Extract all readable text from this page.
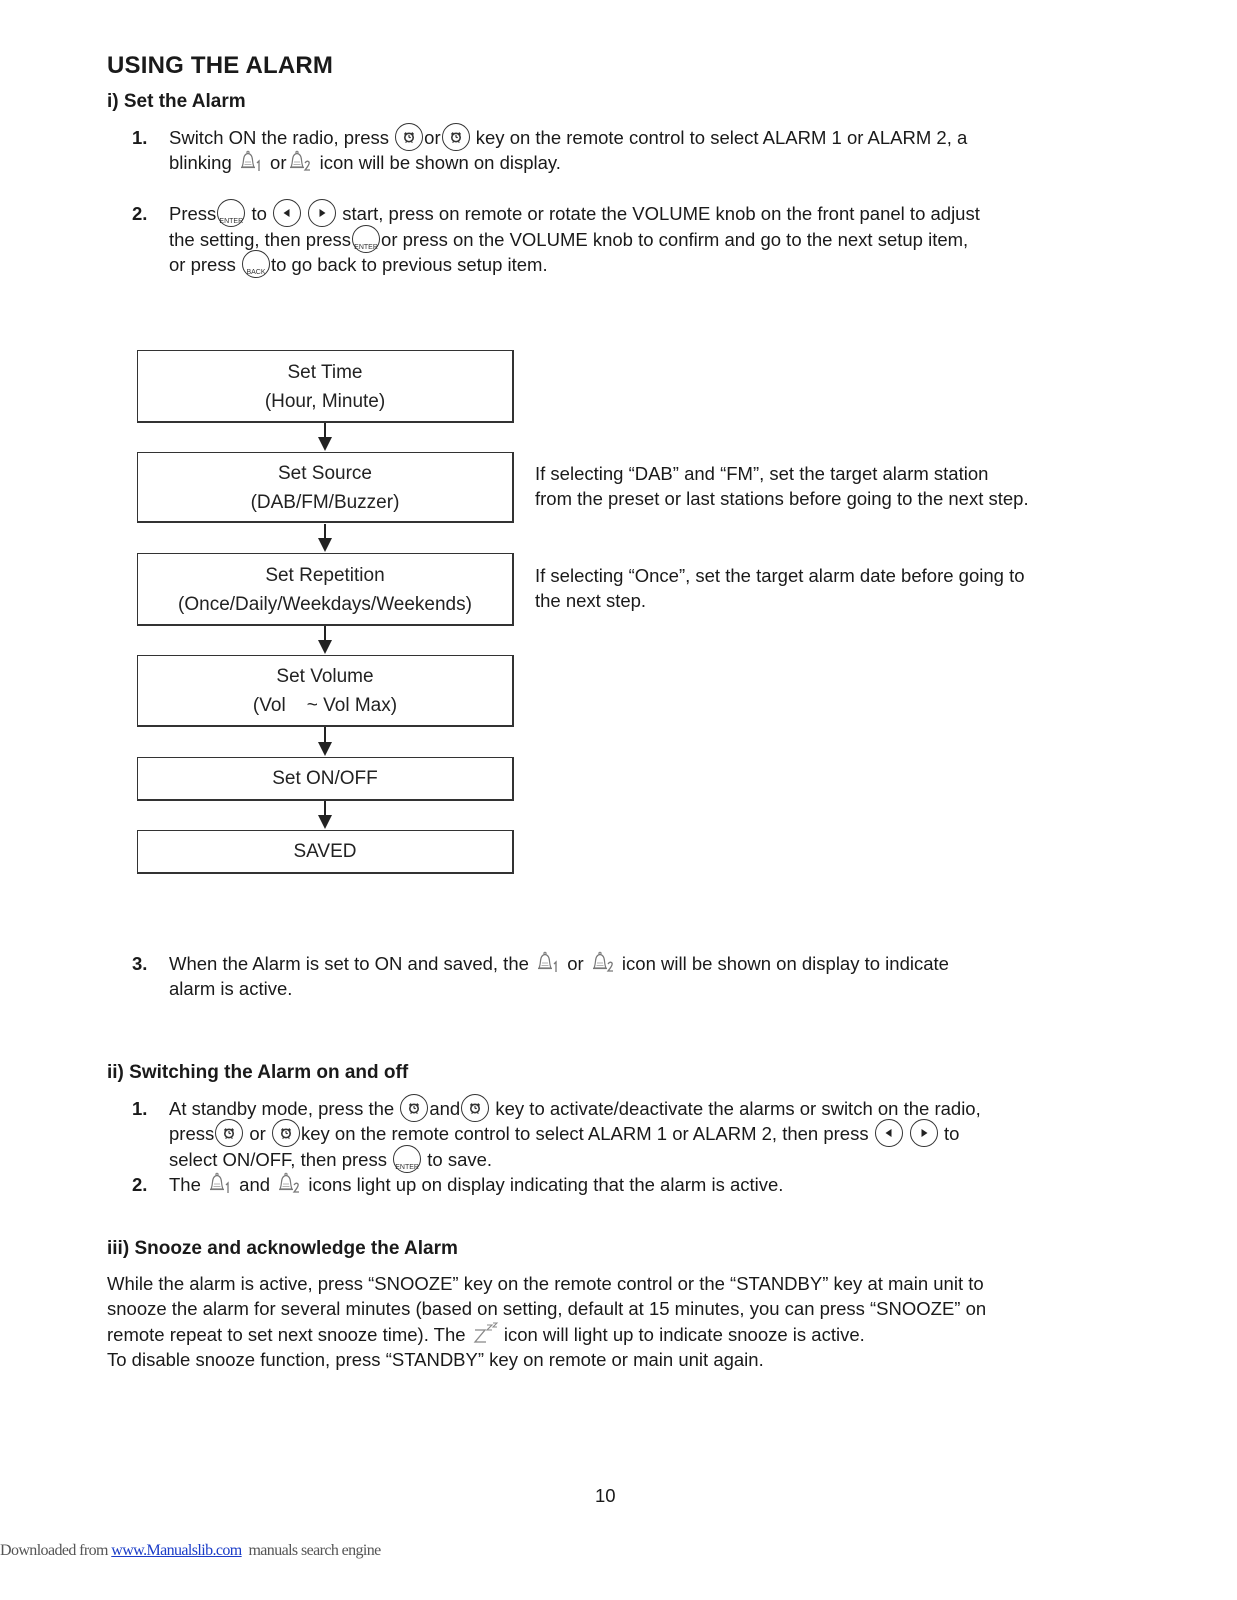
USING THE ALARM
i) Set the Alarm
1. Switch ON the radio, press or key on the remote control to select ALARM 1 or ALARM 2, a
blinking or icon will be shown on display.
2. Press ENTER to
	start, press on remote or rotate the VOLUME knob on the front panel to adjust
the setting, then press ENTER or press on the VOLUME knob to confirm and go to the next setup item,
or press	BACK to go back to previous setup item.
Set Time
(Hour, Minute)
Set Source
(DAB/FM/Buzzer)
Set Repetition
(Once/Daily/Weekdays/Weekends)
Set Volume
(Vol    ~ Vol Max)
Set ON/OFF
SAVED
If selecting “DAB” and “FM”, set the target alarm station
from the preset or last stations before going to the next step.
If selecting “Once”, set the target alarm date before going to
the next step.
3. When the Alarm is set to ON and saved, the or icon will be shown on display to indicate
alarm is active.
ii) Switching the Alarm on and off
1. At standby mode, press the and key to activate/deactivate the alarms or switch on the radio,
press or key on the remote control to select ALARM 1 or ALARM 2, then press
	to
select ON/OFF, then press ENTER to save.
2. The and icons light up on display indicating that the alarm is active.
iii) Snooze and acknowledge the Alarm
While the alarm is active, press “SNOOZE” key on the remote control or the “STANDBY” key at main unit to
snooze the alarm for several minutes (based on setting, default at 15 minutes, you can press “SNOOZE” on
remote repeat to set next snooze time). The icon will light up to indicate snooze is active.
To disable snooze function, press “STANDBY” key on remote or main unit again.
10
Downloaded from www.Manualslib.com  manuals search engine
